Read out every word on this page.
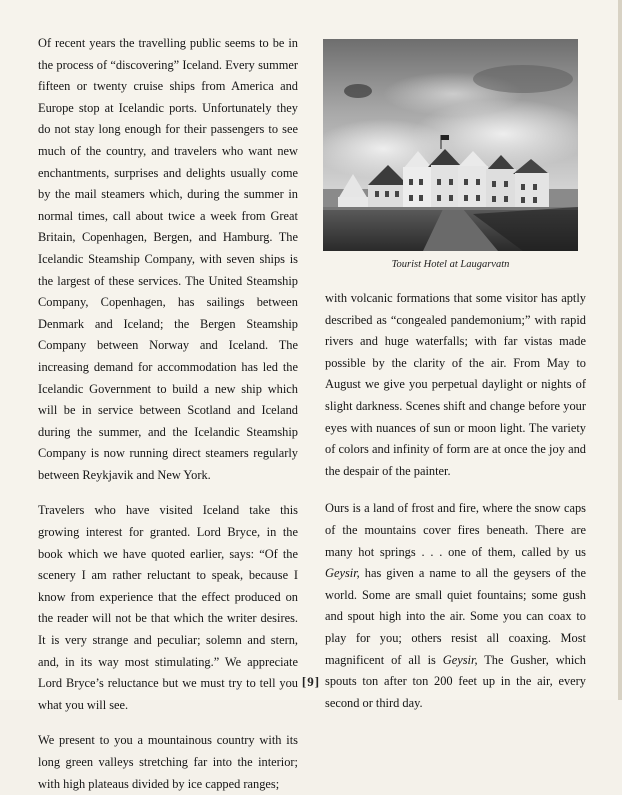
Of recent years the travelling public seems to be in the process of “discovering” Iceland. Every summer fifteen or twenty cruise ships from America and Europe stop at Icelandic ports. Unfortunately they do not stay long enough for their passengers to see much of the country, and travelers who want new enchantments, surprises and delights usually come by the mail steamers which, during the summer in normal times, call about twice a week from Great Britain, Copenhagen, Bergen, and Hamburg. The Icelandic Steamship Company, with seven ships is the largest of these services. The United Steamship Company, Copenhagen, has sailings between Denmark and Iceland; the Bergen Steamship Company between Norway and Iceland. The increasing demand for accommodation has led the Icelandic Government to build a new ship which will be in service between Scotland and Iceland during the summer, and the Icelandic Steamship Company is now running direct steamers regularly between Reykjavik and New York.

Travelers who have visited Iceland take this growing interest for granted. Lord Bryce, in the book which we have quoted earlier, says: “Of the scenery I am rather reluctant to speak, because I know from experience that the effect produced on the reader will not be that which the writer desires. It is very strange and peculiar; solemn and stern, and, in its way most stimulating.” We appreciate Lord Bryce’s reluctance but we must try to tell you what you will see.

We present to you a mountainous country with its long green valleys stretching far into the interior; with high plateaus divided by ice capped ranges;

Tourist Hotel at Laugarvatn

with volcanic formations that some visitor has aptly described as “congealed pandemonium;” with rapid rivers and huge waterfalls; with far vistas made possible by the clarity of the air. From May to August we give you perpetual daylight or nights of slight darkness. Scenes shift and change before your eyes with nuances of sun or moon light. The variety of colors and infinity of form are at once the joy and the despair of the painter.

Ours is a land of frost and fire, where the snow caps of the mountains cover fires beneath. There are many hot springs . . . one of them, called by us Geysir, has given a name to all the geysers of the world. Some are small quiet fountains; some gush and spout high into the air. Some you can coax to play for you; others resist all coaxing. Most magnificent of all is Geysir, The Gusher, which spouts ton after ton 200 feet up in the air, every second or third day.

[9]
